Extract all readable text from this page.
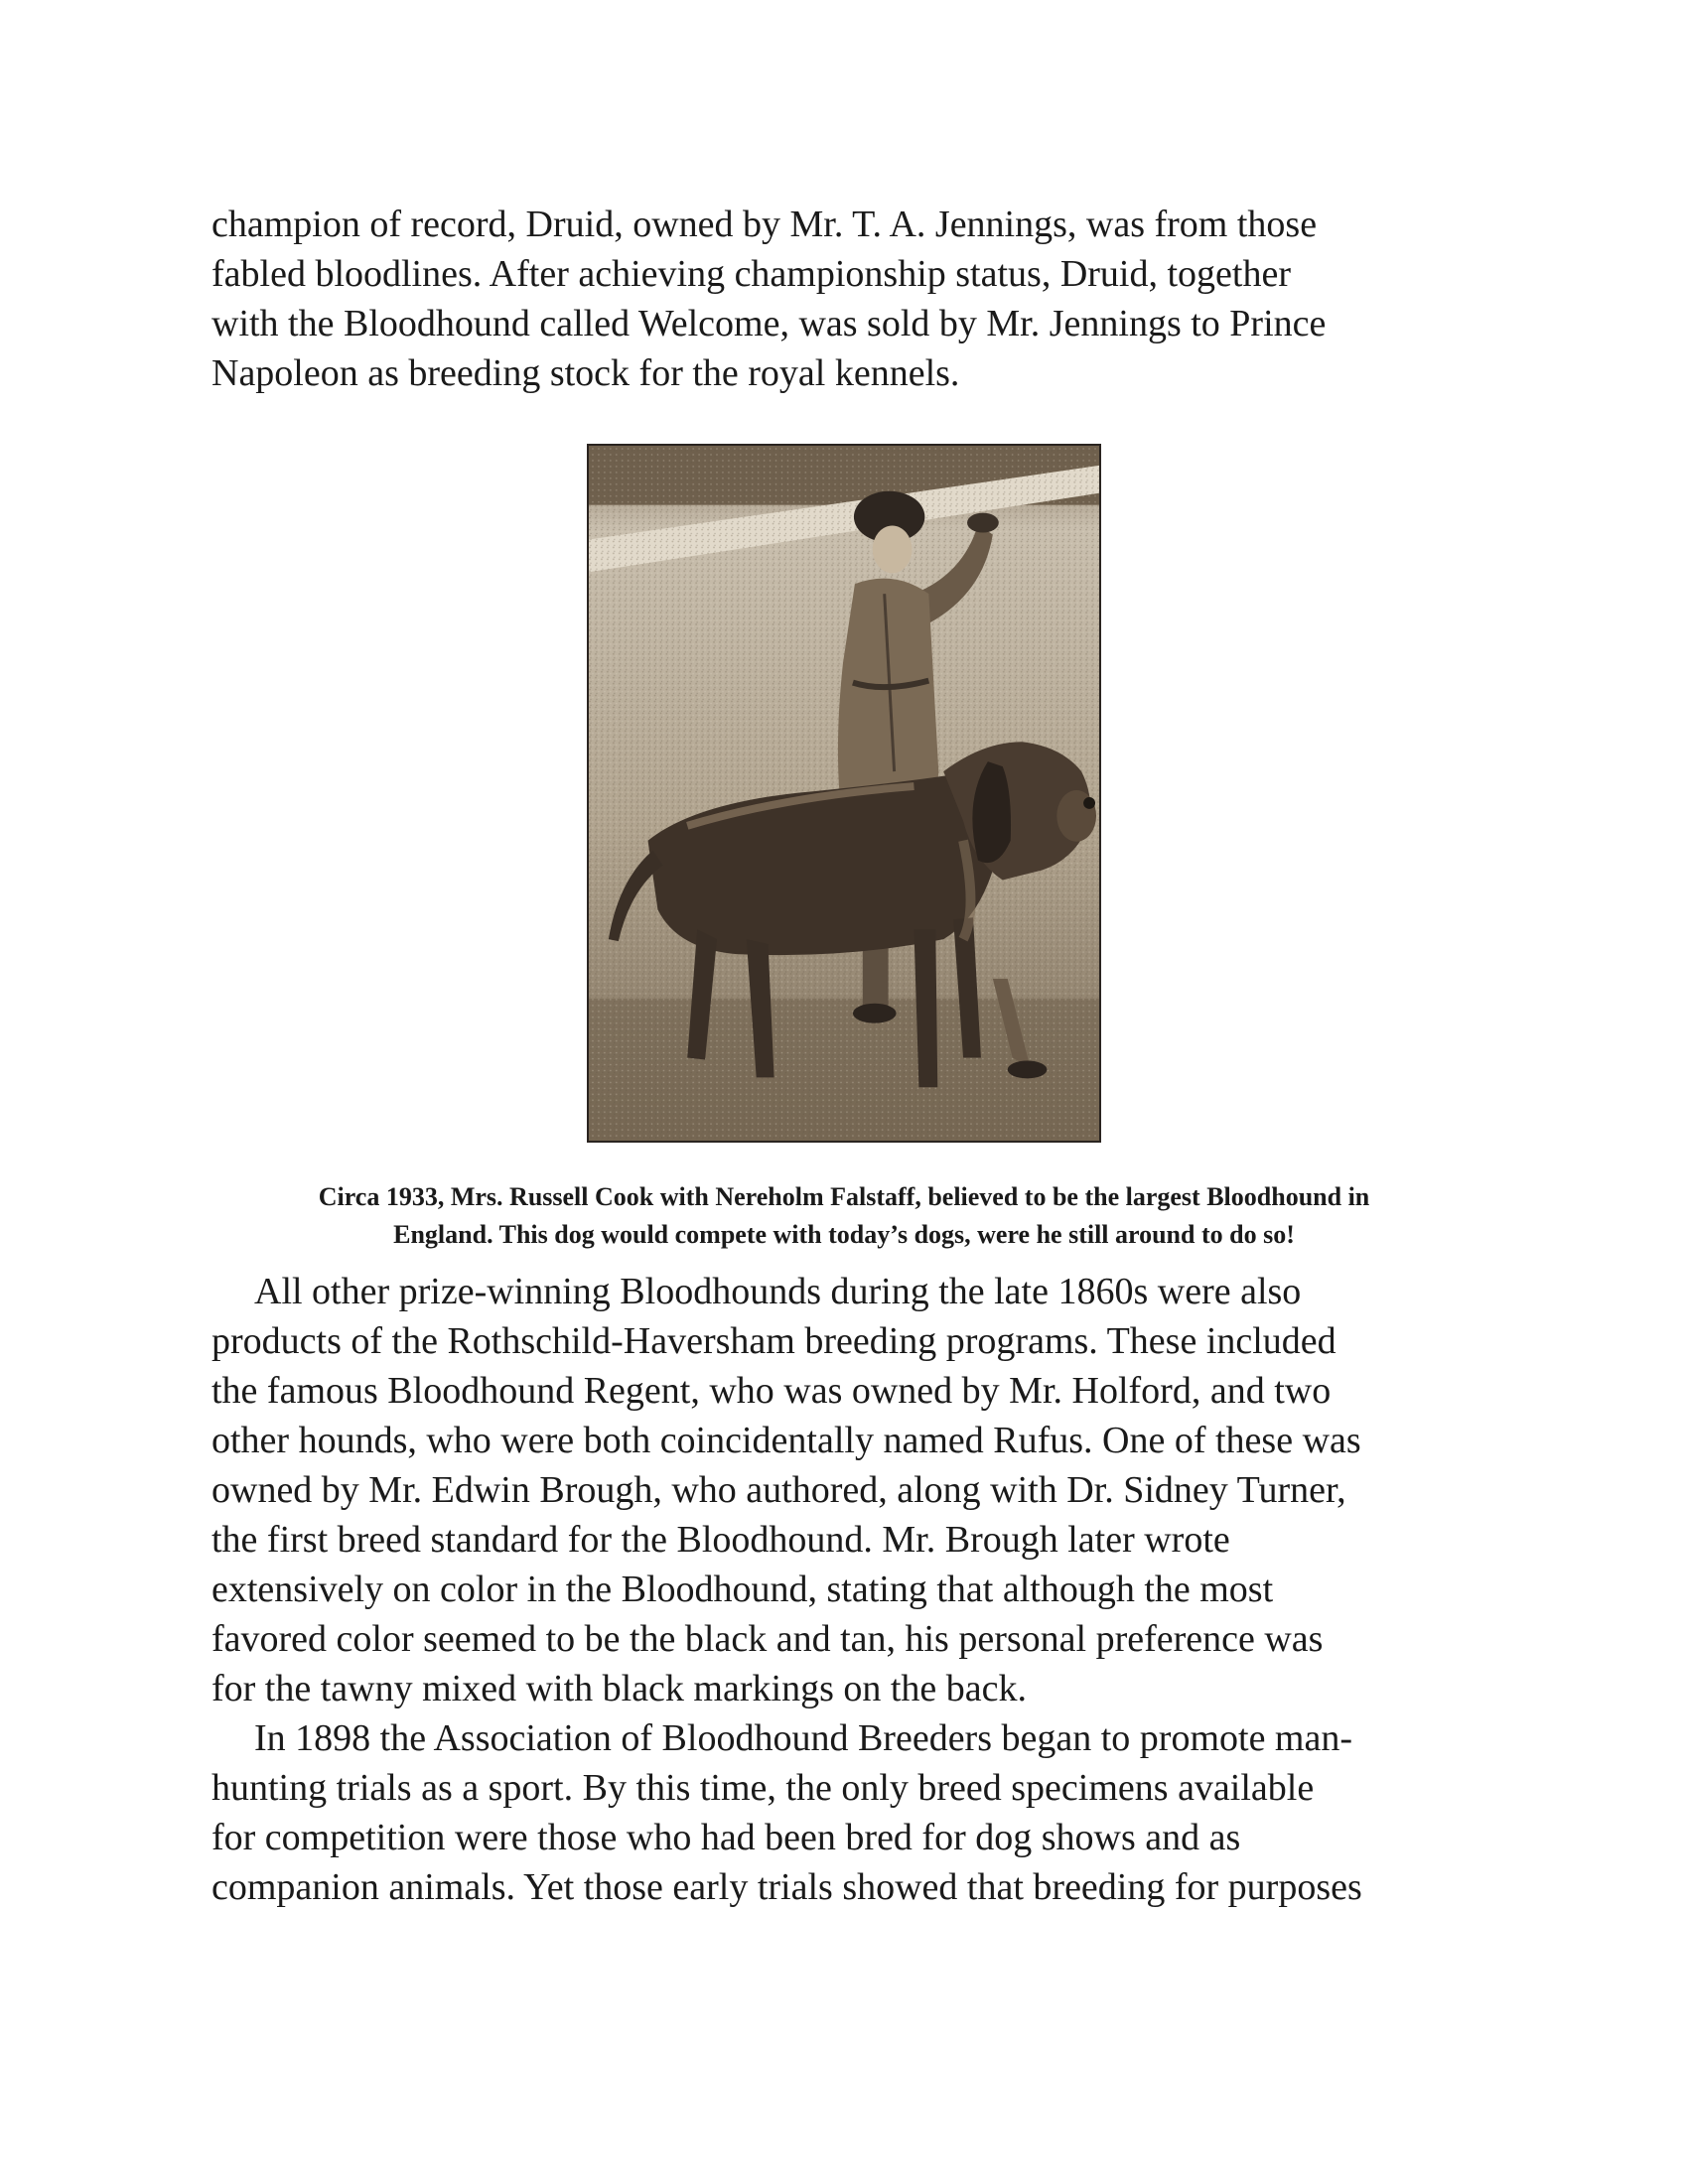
champion of record, Druid, owned by Mr. T. A. Jennings, was from those
fabled bloodlines. After achieving championship status, Druid, together
with the Bloodhound called Welcome, was sold by Mr. Jennings to Prince
Napoleon as breeding stock for the royal kennels.
Circa 1933, Mrs. Russell Cook with Nereholm Falstaff, believed to be the largest Bloodhound in
England. This dog would compete with today’s dogs, were he still around to do so!
All other prize-winning Bloodhounds during the late 1860s were also
products of the Rothschild-Haversham breeding programs. These included
the famous Bloodhound Regent, who was owned by Mr. Holford, and two
other hounds, who were both coincidentally named Rufus. One of these was
owned by Mr. Edwin Brough, who authored, along with Dr. Sidney Turner,
the first breed standard for the Bloodhound. Mr. Brough later wrote
extensively on color in the Bloodhound, stating that although the most
favored color seemed to be the black and tan, his personal preference was
for the tawny mixed with black markings on the back.
In 1898 the Association of Bloodhound Breeders began to promote man-
hunting trials as a sport. By this time, the only breed specimens available
for competition were those who had been bred for dog shows and as
companion animals. Yet those early trials showed that breeding for purposes
